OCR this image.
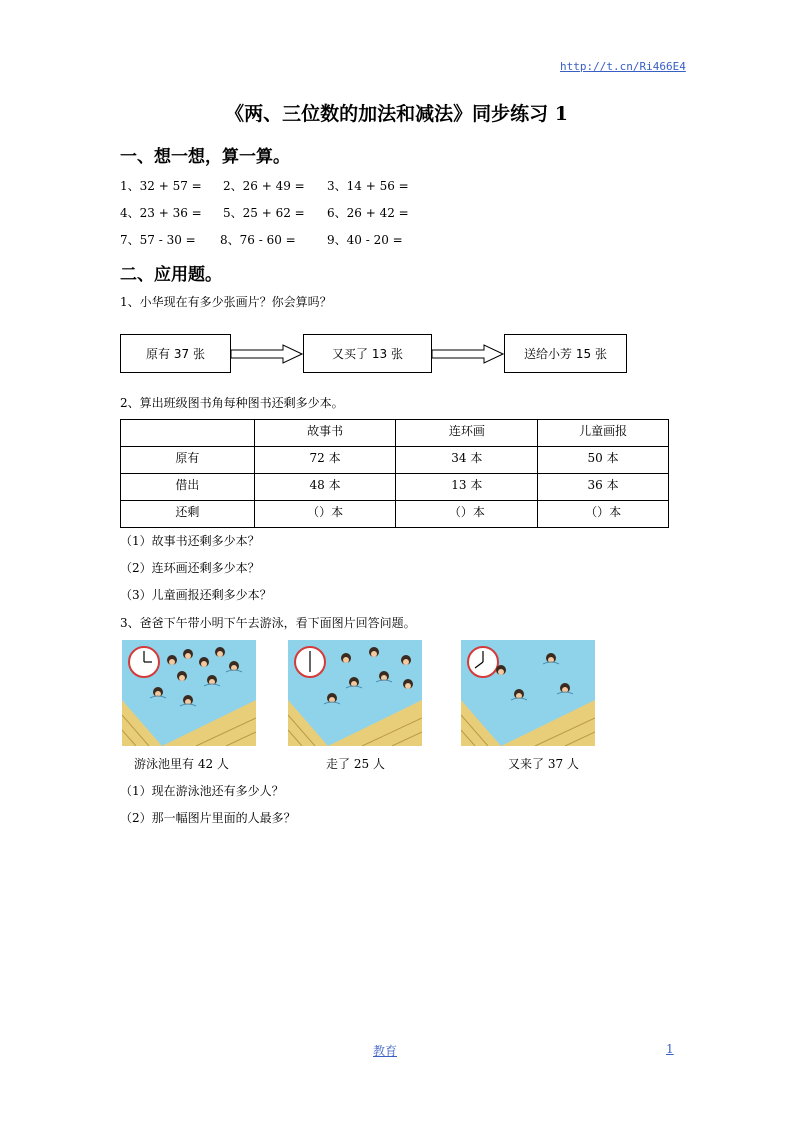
http://t.cn/Ri466E4
《两、三位数的加法和减法》同步练习 1
一、想一想，算一算。
1、32 + 57 = 2、26 + 49 = 3、14 + 56 =
4、23 + 36 = 5、25 + 62 = 6、26 + 42 =
7、57 - 30 = 8、76 - 60 =	9、40 - 20 =
二、应用题。
1、小华现在有多少张画片？你会算吗？
原有 37 张	又买了 13 张	送给小芳 15 张
2、算出班级图书角每种图书还剩多少本。
	故事书	连环画	儿童画报
原有	72 本	34 本	50 本
借出	48 本	13 本	36 本
还剩	（）本	（）本	（）本
（1）故事书还剩多少本？
（2）连环画还剩多少本？
（3）儿童画报还剩多少本？
3、爸爸下午带小明下午去游泳，看下面图片回答问题。
游泳池里有 42 人	走了 25 人	又来了 37 人
（1）现在游泳池还有多少人？
（2）那一幅图片里面的人最多？
教育	1
